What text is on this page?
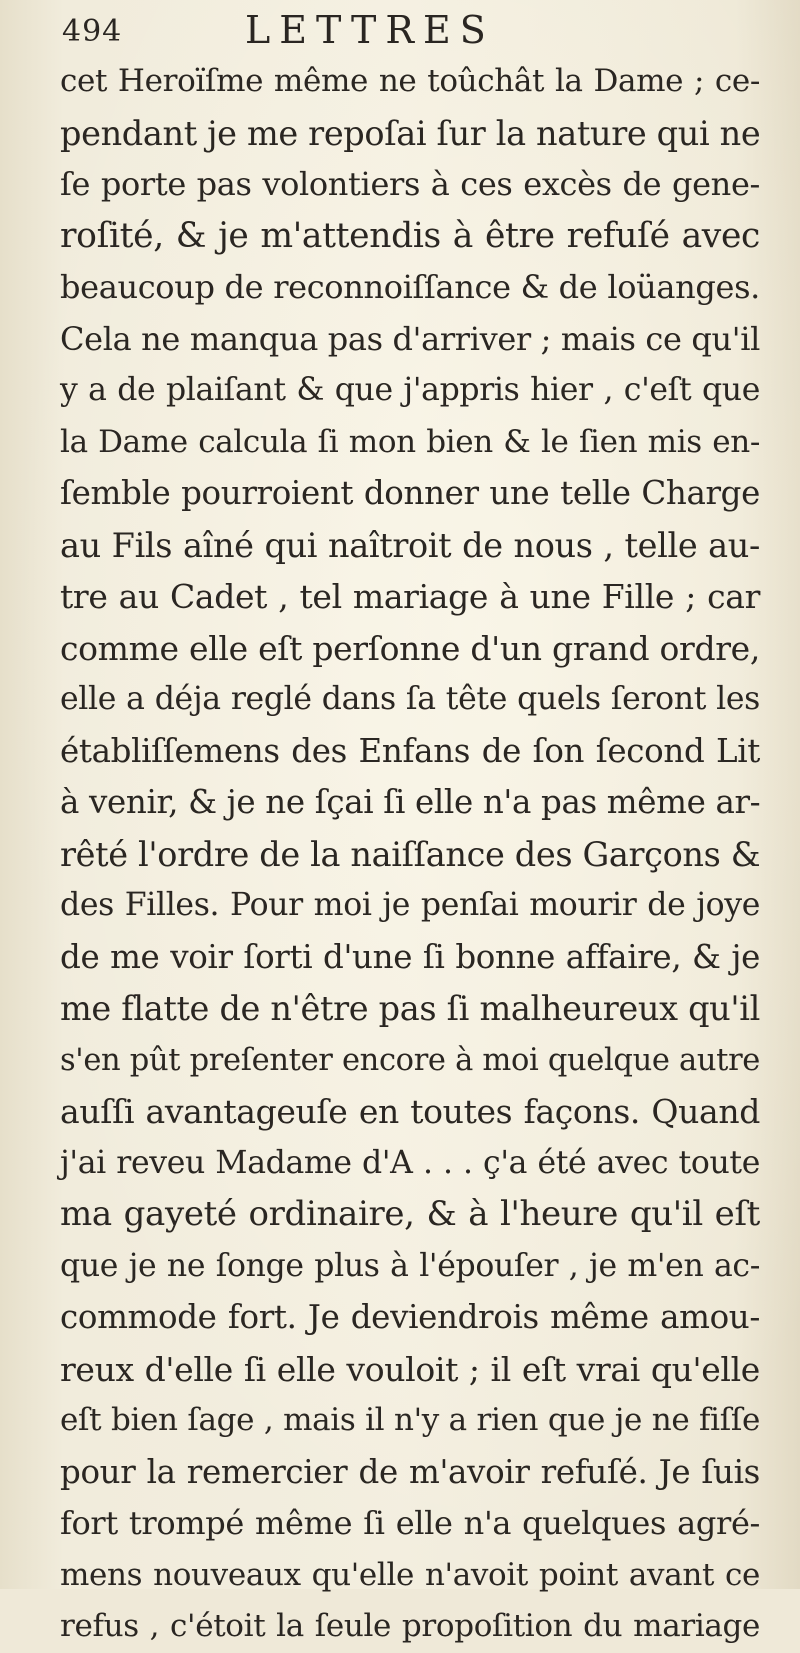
494	LETTRES
cet Heroïſme même ne toûchât la Dame ; ce-
pendant je me repoſai ſur la nature qui ne
ſe porte pas volontiers à ces excès de gene-
roſité, & je m'attendis à être refuſé avec
beaucoup de reconnoiſſance & de loüanges.
Cela ne manqua pas d'arriver ; mais ce qu'il
y a de plaiſant & que j'appris hier , c'eſt que
la Dame calcula ſi mon bien & le ſien mis en-
ſemble pourroient donner une telle Charge
au Fils aîné qui naîtroit de nous , telle au-
tre au Cadet , tel mariage à une Fille ; car
comme elle eſt perſonne d'un grand ordre,
elle a déja reglé dans ſa tête quels ſeront les
établiſſemens des Enfans de ſon ſecond Lit
à venir, & je ne ſçai ſi elle n'a pas même ar-
rêté l'ordre de la naiſſance des Garçons &
des Filles. Pour moi je penſai mourir de joye
de me voir ſorti d'une ſi bonne affaire, & je
me flatte de n'être pas ſi malheureux qu'il
s'en pût preſenter encore à moi quelque autre
auſſi avantageuſe en toutes façons. Quand
j'ai reveu Madame d'A . . . ç'a été avec toute
ma gayeté ordinaire, & à l'heure qu'il eſt
que je ne ſonge plus à l'épouſer , je m'en ac-
commode fort. Je deviendrois même amou-
reux d'elle ſi elle vouloit ; il eſt vrai qu'elle
eſt bien ſage , mais il n'y a rien que je ne fiſſe
pour la remercier de m'avoir refuſé. Je ſuis
fort trompé même ſi elle n'a quelques agré-
mens nouveaux qu'elle n'avoit point avant ce
refus , c'étoit la ſeule propoſition du mariage
